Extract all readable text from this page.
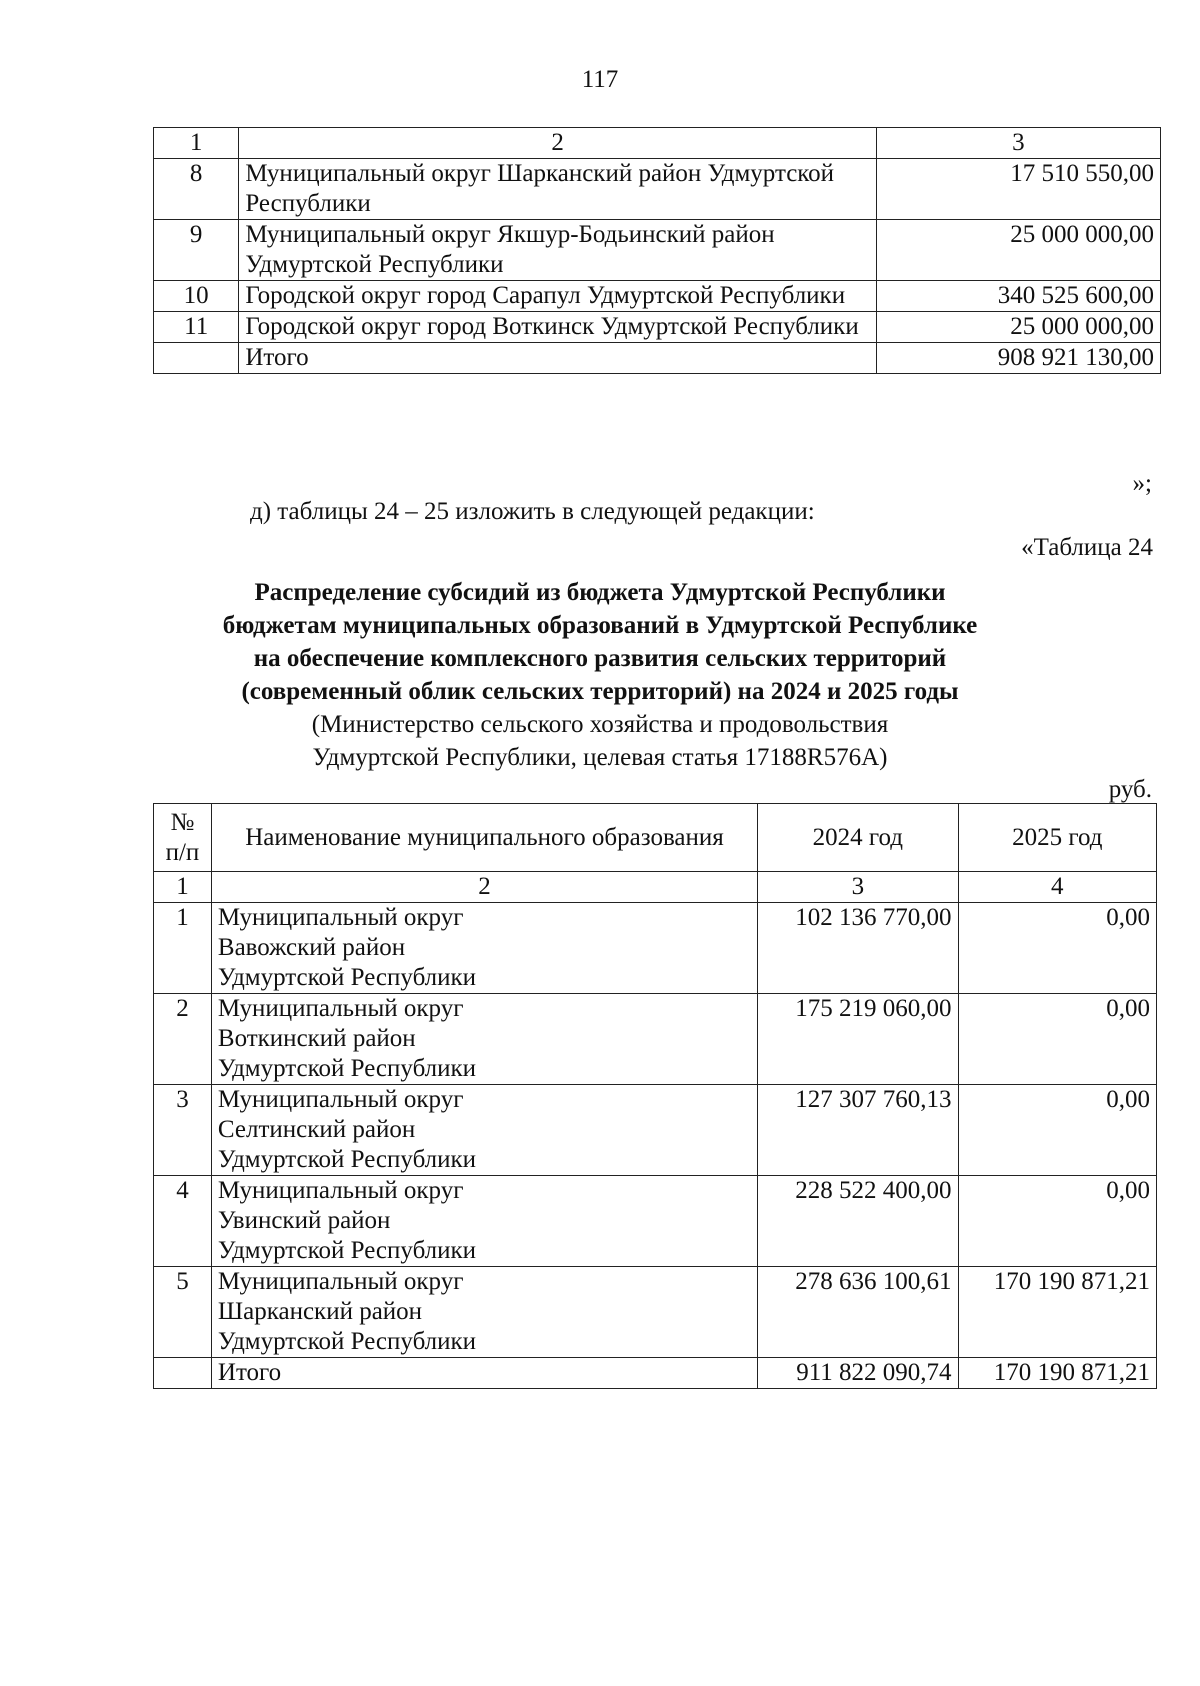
117
1	2	3
8	Муниципальный округ Шарканский район Удмуртской Республики	17 510 550,00
9	Муниципальный округ Якшур-Бодьинский район Удмуртской Республики	25 000 000,00
10	Городской округ город Сарапул Удмуртской Республики	340 525 600,00
11	Городской округ город Воткинск Удмуртской Республики	25 000 000,00
	Итого	908 921 130,00
»;
д) таблицы 24 – 25 изложить в следующей редакции:
«Таблица 24
Распределение субсидий из бюджета Удмуртской Республики
бюджетам муниципальных образований в Удмуртской Республике
на обеспечение комплексного развития сельских территорий
(современный облик сельских территорий) на 2024 и 2025 годы
(Министерство сельского хозяйства и продовольствия
Удмуртской Республики, целевая статья 17188R576A)
руб.
№ п/п	Наименование муниципального образования	2024 год	2025 год
1	2	3	4
1	Муниципальный округ
Вавожский район
Удмуртской Республики	102 136 770,00	0,00
2	Муниципальный округ
Воткинский район
Удмуртской Республики	175 219 060,00	0,00
3	Муниципальный округ
Селтинский район
Удмуртской Республики	127 307 760,13	0,00
4	Муниципальный округ
Увинский район
Удмуртской Республики	228 522 400,00	0,00
5	Муниципальный округ
Шарканский район
Удмуртской Республики	278 636 100,61	170 190 871,21
	Итого	911 822 090,74	170 190 871,21
